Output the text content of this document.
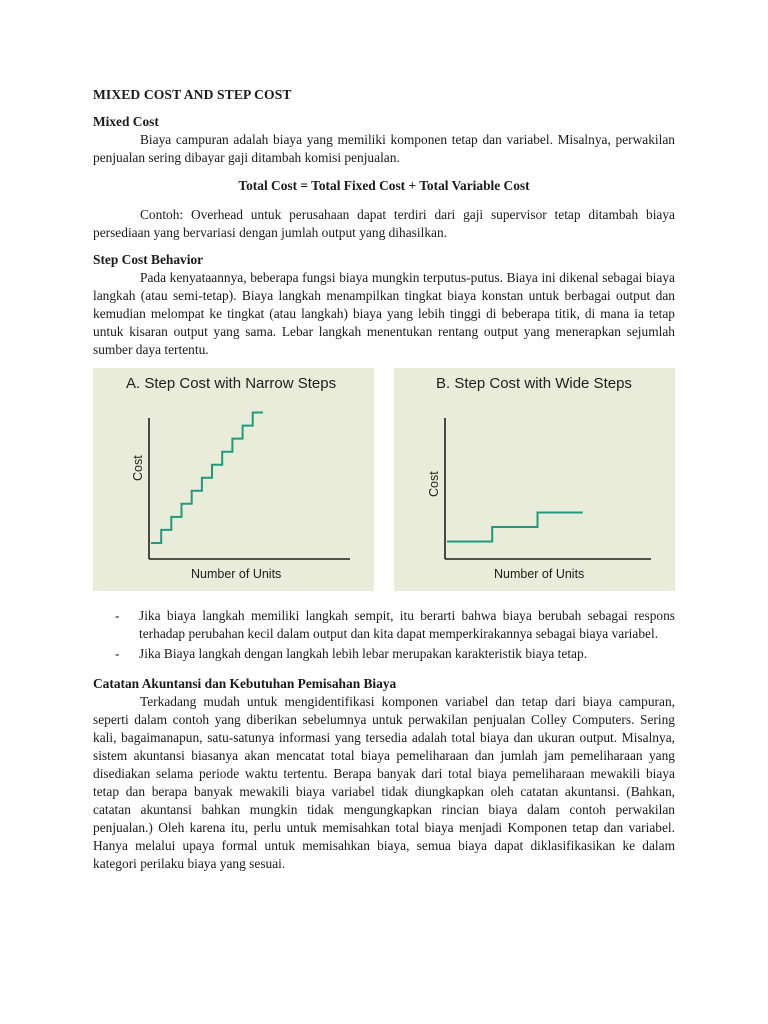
MIXED COST AND STEP COST

Mixed Cost

Biaya campuran adalah biaya yang memiliki komponen tetap dan variabel. Misalnya, perwakilan penjualan sering dibayar gaji ditambah komisi penjualan.

Total Cost = Total Fixed Cost + Total Variable Cost

Contoh: Overhead untuk perusahaan dapat terdiri dari gaji supervisor tetap ditambah biaya persediaan yang bervariasi dengan jumlah output yang dihasilkan.

Step Cost Behavior

Pada kenyataannya, beberapa fungsi biaya mungkin terputus-putus. Biaya ini dikenal sebagai biaya langkah (atau semi-tetap). Biaya langkah menampilkan tingkat biaya konstan untuk berbagai output dan kemudian melompat ke tingkat (atau langkah) biaya yang lebih tinggi di beberapa titik, di mana ia tetap untuk kisaran output yang sama. Lebar langkah menentukan rentang output yang menerapkan sejumlah sumber daya tertentu.

A. Step Cost with Narrow Steps
Cost
Number of Units
B. Step Cost with Wide Steps
Cost
Number of Units
- Jika biaya langkah memiliki langkah sempit, itu berarti bahwa biaya berubah sebagai respons terhadap perubahan kecil dalam output dan kita dapat memperkirakannya sebagai biaya variabel.
- Jika Biaya langkah dengan langkah lebih lebar merupakan karakteristik biaya tetap.

Catatan Akuntansi dan Kebutuhan Pemisahan Biaya

Terkadang mudah untuk mengidentifikasi komponen variabel dan tetap dari biaya campuran, seperti dalam contoh yang diberikan sebelumnya untuk perwakilan penjualan Colley Computers. Sering kali, bagaimanapun, satu-satunya informasi yang tersedia adalah total biaya dan ukuran output. Misalnya, sistem akuntansi biasanya akan mencatat total biaya pemeliharaan dan jumlah jam pemeliharaan yang disediakan selama periode waktu tertentu. Berapa banyak dari total biaya pemeliharaan mewakili biaya tetap dan berapa banyak mewakili biaya variabel tidak diungkapkan oleh catatan akuntansi. (Bahkan, catatan akuntansi bahkan mungkin tidak mengungkapkan rincian biaya dalam contoh perwakilan penjualan.) Oleh karena itu, perlu untuk memisahkan total biaya menjadi Komponen tetap dan variabel. Hanya melalui upaya formal untuk memisahkan biaya, semua biaya dapat diklasifikasikan ke dalam kategori perilaku biaya yang sesuai.
